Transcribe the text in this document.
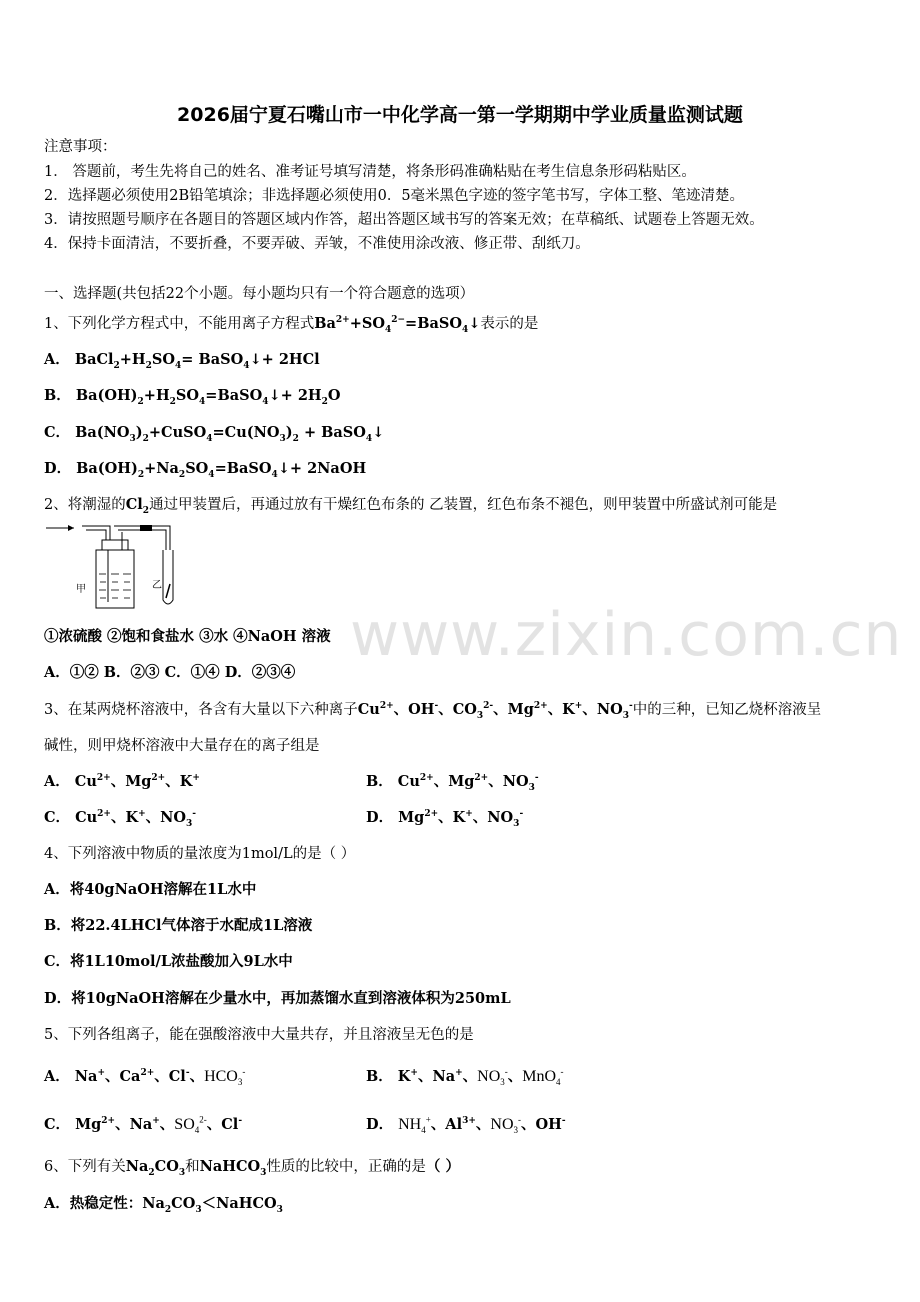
2026届宁夏石嘴山市一中化学高一第一学期期中学业质量监测试题
注意事项：
1． 答题前，考生先将自己的姓名、准考证号填写清楚，将条形码准确粘贴在考生信息条形码粘贴区。
2．选择题必须使用2B铅笔填涂；非选择题必须使用0．5毫米黑色字迹的签字笔书写，字体工整、笔迹清楚。
3．请按照题号顺序在各题目的答题区域内作答，超出答题区域书写的答案无效；在草稿纸、试题卷上答题无效。
4．保持卡面清洁，不要折叠，不要弄破、弄皱，不准使用涂改液、修正带、刮纸刀。
一、选择题(共包括22个小题。每小题均只有一个符合题意的选项）
1、下列化学方程式中，不能用离子方程式$Ba^{2+}+SO_4^{2-}=BaSO_4↓$表示的是
A． $BaCl_2+H_2SO_4=$ BaSO$_4$↓+ 2HCl
B． $Ba(OH)_2+H_2SO_4=BaSO_4↓+ 2H_2O$
C． $Ba(NO_3)_2+CuSO_4=Cu(NO_3)_2$ + BaSO$_4$↓
D． $Ba(OH)_2+Na_2SO_4=BaSO_4↓+$ 2NaOH
2、将潮湿的$Cl_2$通过甲装置后，再通过放有干燥红色布条的 乙装置，红色布条不褪色，则甲装置中所盛试剂可能是
甲	乙
www.zixin.com.cn
①浓硫酸 ②饱和食盐水 ③水 ④NaOH 溶液
A．①② B．②③ C．①④ D．②③④
3、在某两烧杯溶液中，各含有大量以下六种离子$Cu^{2+}$、OH-、$CO_3^{2-}$、$Mg^{2+}$、K+、$NO_3^-$中的三种，已知乙烧杯溶液呈
碱性，则甲烧杯溶液中大量存在的离子组是
A． $Cu^{2+}$、$Mg^{2+}$、K+	B． $Cu^{2+}$、$Mg^{2+}$、$NO_3^-$
C． $Cu^{2+}$、K+、$NO_3^-$	D． $Mg^{2+}$、K+、$NO_3^-$
4、下列溶液中物质的量浓度为1mol/L的是（ ）
A．将40gNaOH溶解在1L水中
B．将22.4LHCl气体溶于水配成1L溶液
C．将1L10mol/L浓盐酸加入9L水中
D．将10gNaOH溶解在少量水中，再加蒸馏水直到溶液体积为250mL
5、下列各组离子，能在强酸溶液中大量共存，并且溶液呈无色的是
A． Na+、$Ca^{2+}$、Cl-、$HCO_3^-$	B． K+、Na+、$NO_3^-$、MnO$_4$-
C． $Mg^{2+}$、Na+、$SO_4^{2-}$、Cl-	D． $NH_4^+$、$Al^{3+}$、$NO_3^-$、OH-
6、下列有关$Na_2CO_3$和NaHCO$_3$性质的比较中，正确的是（ ）
A．热稳定性：$Na_2CO_3<NaHCO_3$
